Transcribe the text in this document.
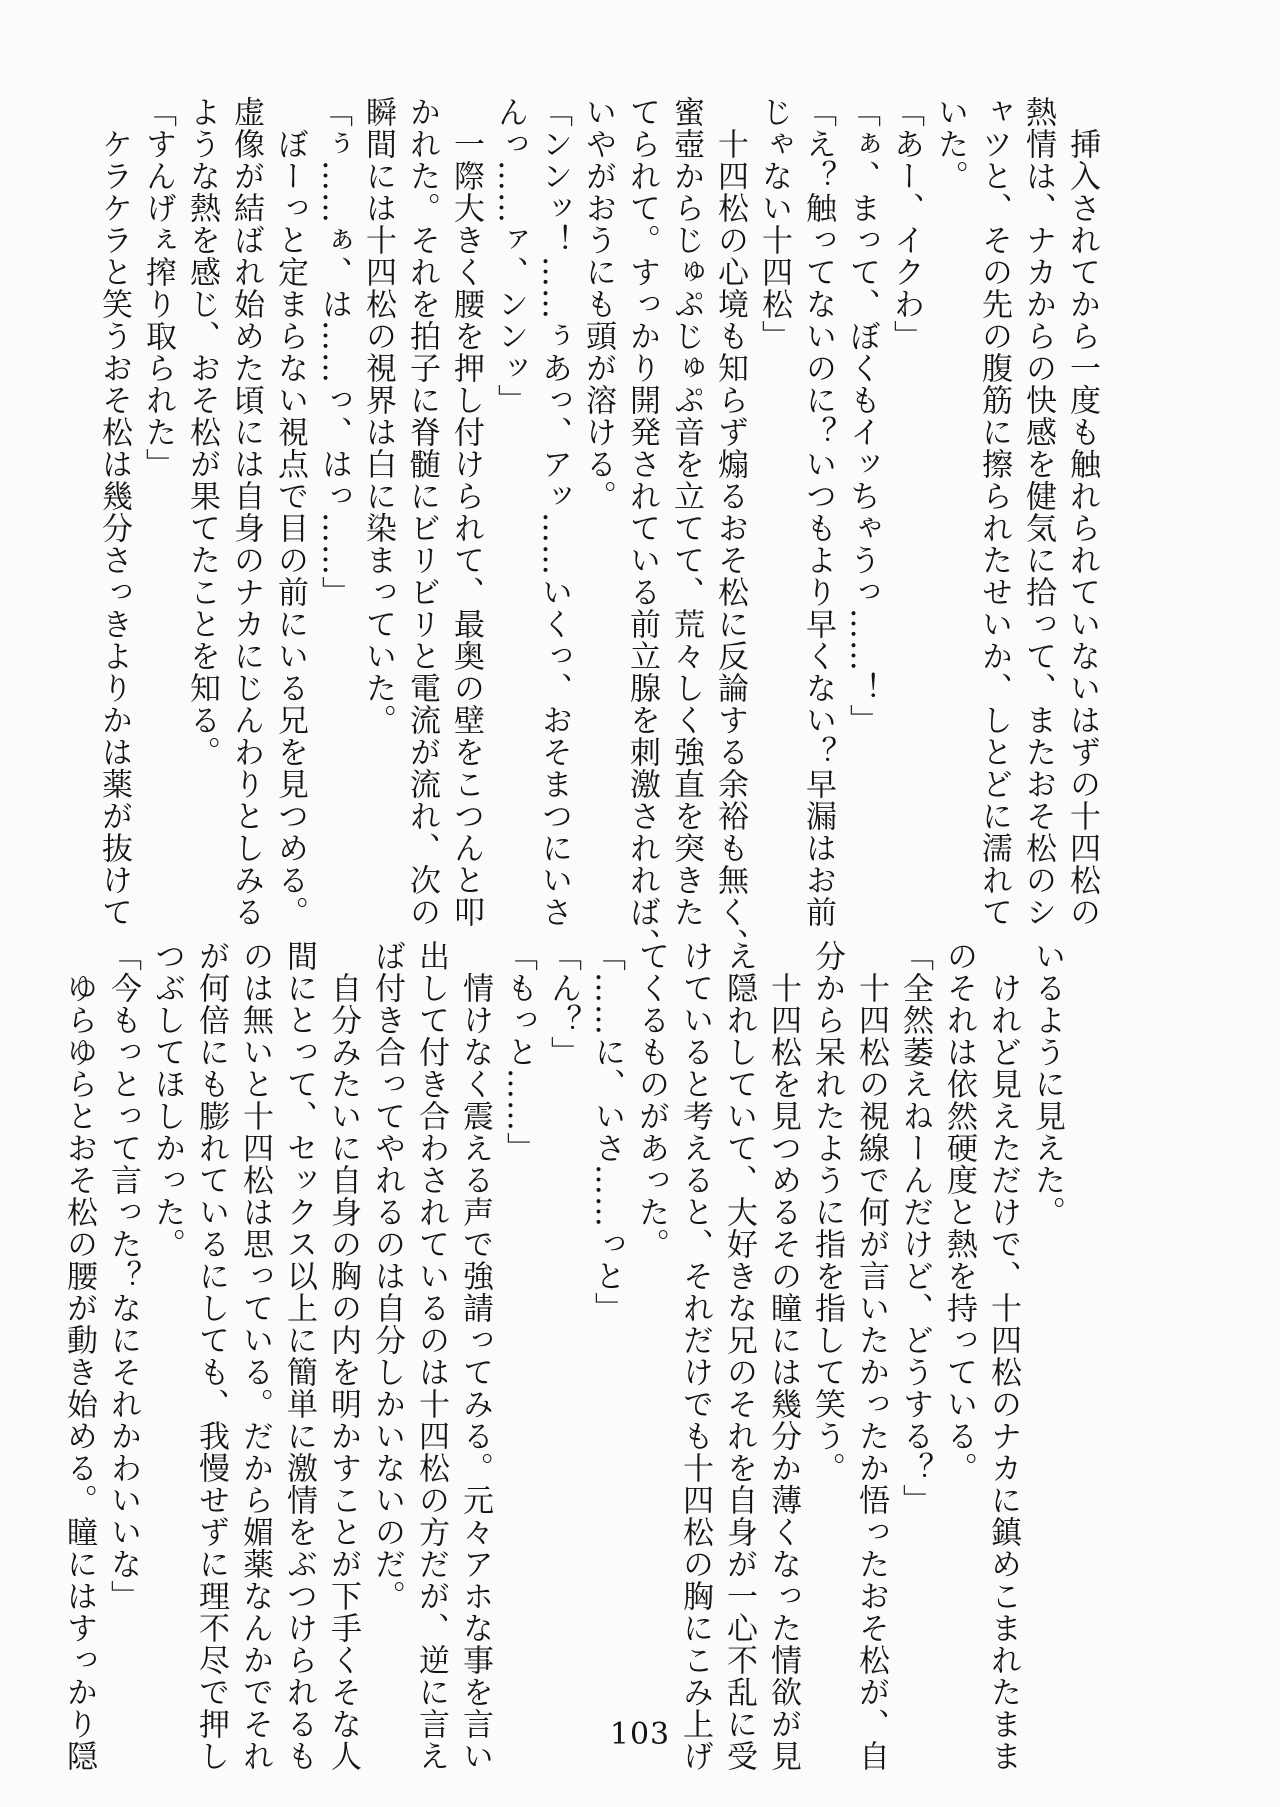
　挿入されてから一度も触れられていないはずの十四松の

熱情は、ナカからの快感を健気に拾って、またおそ松のシ

ャツと、その先の腹筋に擦られたせいか、しとどに濡れて

いた。

「あー、イクわ」

「ぁ、まって、ぼくもイッちゃうっ……！」

「え？触ってないのに？いつもより早くない？早漏はお前

じゃない十四松」

　十四松の心境も知らず煽るおそ松に反論する余裕も無く、

蜜壺からじゅぷじゅぷ音を立てて、荒々しく強直を突きた

てられて。すっかり開発されている前立腺を刺激されれば、

いやがおうにも頭が溶ける。

「ンンッ！……ぅあっ、アッ……いくっ、おそまつにいさ

んっ……ァ、ンンッ」

　一際大きく腰を押し付けられて、最奥の壁をこつんと叩

かれた。それを拍子に脊髄にビリビリと電流が流れ、次の

瞬間には十四松の視界は白に染まっていた。

「ぅ……ぁ、は……っ、はっ……」

　ぼーっと定まらない視点で目の前にいる兄を見つめる。

虚像が結ばれ始めた頃には自身のナカにじんわりとしみる

ような熱を感じ、おそ松が果てたことを知る。

「すんげぇ搾り取られた」

　ケラケラと笑うおそ松は幾分さっきよりかは薬が抜けて

いるように見えた。

　けれど見えただけで、十四松のナカに鎮めこまれたまま

のそれは依然硬度と熱を持っている。

「全然萎えねーんだけど、どうする？」

　十四松の視線で何が言いたかったか悟ったおそ松が、自

分から呆れたように指を指して笑う。

　十四松を見つめるその瞳には幾分か薄くなった情欲が見

え隠れしていて、大好きな兄のそれを自身が一心不乱に受

けていると考えると、それだけでも十四松の胸にこみ上げ

てくるものがあった。

「……に、いさ……っと」

「ん？」

「もっと……」

　情けなく震える声で強請ってみる。元々アホな事を言い

出して付き合わされているのは十四松の方だが、逆に言え

ば付き合ってやれるのは自分しかいないのだ。

　自分みたいに自身の胸の内を明かすことが下手くそな人

間にとって、セックス以上に簡単に激情をぶつけられるも

のは無いと十四松は思っている。だから媚薬なんかでそれ

が何倍にも膨れているにしても、我慢せずに理不尽で押し

つぶしてほしかった。

「今もっとって言った？なにそれかわいいな」

　ゆらゆらとおそ松の腰が動き始める。瞳にはすっかり隠	103
